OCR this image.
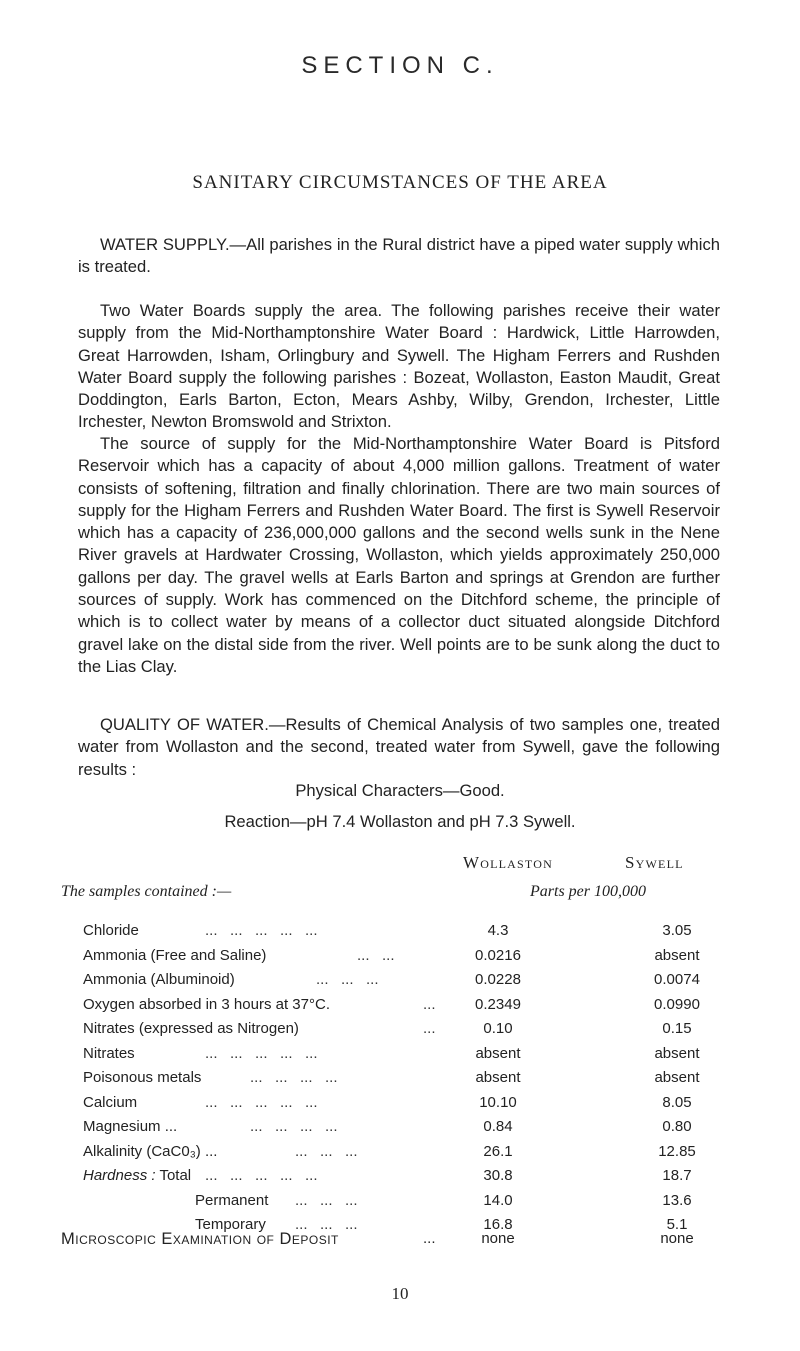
SECTION C.
SANITARY CIRCUMSTANCES OF THE AREA
WATER SUPPLY.—All parishes in the Rural district have a piped water supply which is treated.
Two Water Boards supply the area. The following parishes receive their water supply from the Mid-Northamptonshire Water Board : Hardwick, Little Harrowden, Great Harrowden, Isham, Orlingbury and Sywell. The Higham Ferrers and Rushden Water Board supply the following parishes : Bozeat, Wollaston, Easton Maudit, Great Doddington, Earls Barton, Ecton, Mears Ashby, Wilby, Grendon, Irchester, Little Irchester, Newton Bromswold and Strixton.
The source of supply for the Mid-Northamptonshire Water Board is Pitsford Reservoir which has a capacity of about 4,000 million gallons. Treatment of water consists of softening, filtration and finally chlorination. There are two main sources of supply for the Higham Ferrers and Rushden Water Board. The first is Sywell Reservoir which has a capacity of 236,000,000 gallons and the second wells sunk in the Nene River gravels at Hardwater Crossing, Wollaston, which yields approximately 250,000 gallons per day. The gravel wells at Earls Barton and springs at Grendon are further sources of supply. Work has commenced on the Ditchford scheme, the principle of which is to collect water by means of a collector duct situated alongside Ditchford gravel lake on the distal side from the river. Well points are to be sunk along the duct to the Lias Clay.
QUALITY OF WATER.—Results of Chemical Analysis of two samples one, treated water from Wollaston and the second, treated water from Sywell, gave the following results :
Physical Characters—Good.
Reaction—pH 7.4 Wollaston and pH 7.3 Sywell.
Wollaston	Sywell
The samples contained :—	Parts per 100,000
Chloride	...   ...   ...   ...   ...	4.3	3.05
Ammonia (Free and Saline)	...   ...	0.0216	absent
Ammonia (Albuminoid)	...   ...   ...	0.0228	0.0074
Oxygen absorbed in 3 hours at 37°C.	...	0.2349	0.0990
Nitrates (expressed as Nitrogen)	...	0.10	0.15
Nitrates	...   ...   ...   ...   ...	absent	absent
Poisonous metals	...   ...   ...   ...	absent	absent
Calcium	...   ...   ...   ...   ...	10.10	8.05
Magnesium ...	...   ...   ...   ...	0.84	0.80
Alkalinity (CaC0₃) ...	...   ...   ...	26.1	12.85
Hardness : Total ...   ...   ...   ...   ...	30.8	18.7
Permanent ...   ...   ...	14.0	13.6
Temporary ...   ...   ...	16.8	5.1
Microscopic Examination of Deposit	...	none	none
10
